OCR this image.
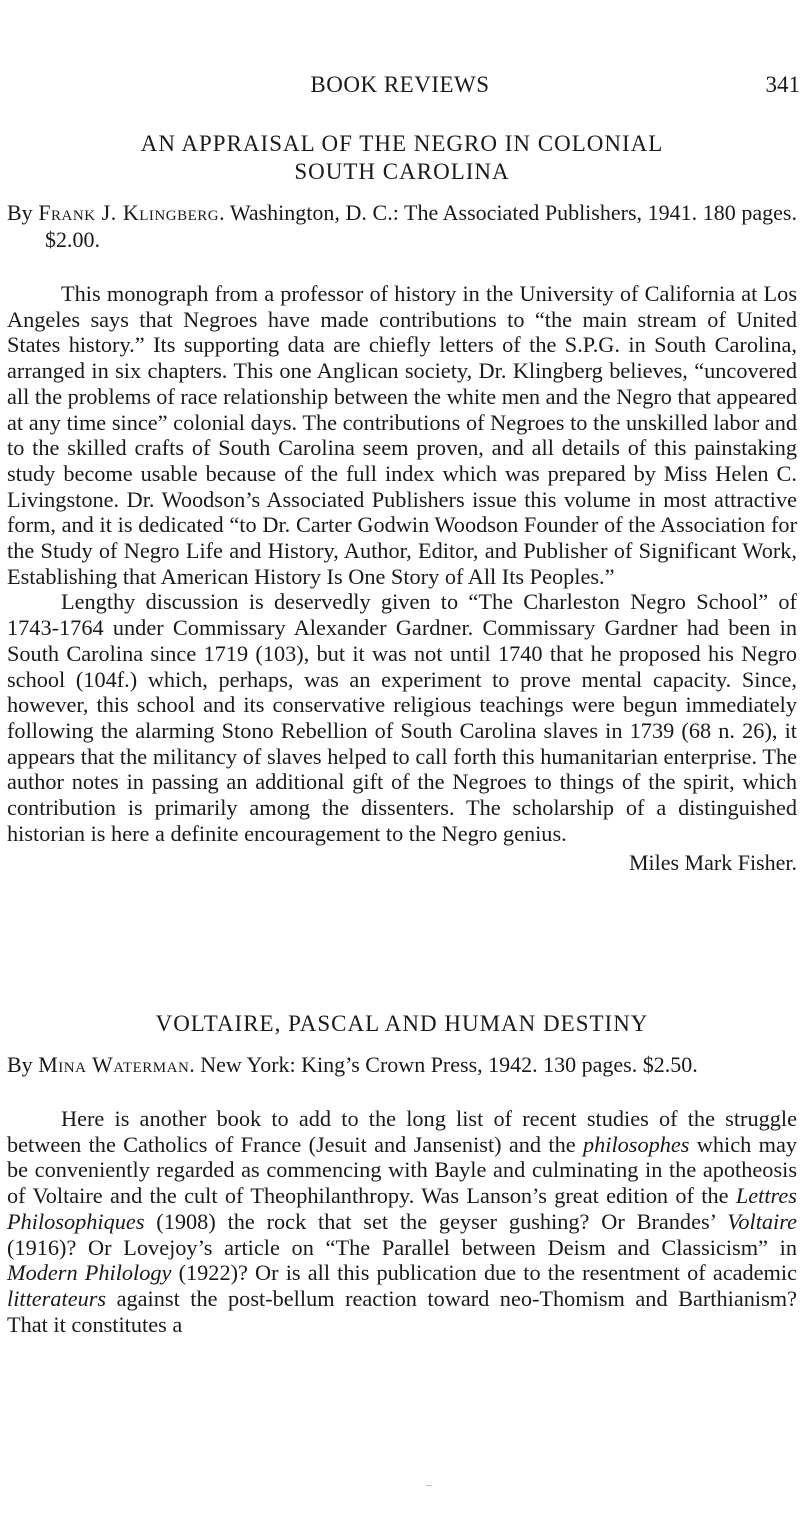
BOOK REVIEWS	341
AN APPRAISAL OF THE NEGRO IN COLONIAL
SOUTH CAROLINA

By Frank J. Klingberg. Washington, D. C.: The Associated Publishers, 1941. 180 pages. $2.00.

This monograph from a professor of history in the University of California at Los Angeles says that Negroes have made contributions to “the main stream of United States history.” Its supporting data are chiefly letters of the S.P.G. in South Carolina, arranged in six chapters. This one Anglican society, Dr. Klingberg believes, “uncovered all the problems of race relationship between the white men and the Negro that appeared at any time since” colonial days. The contributions of Negroes to the unskilled labor and to the skilled crafts of South Carolina seem proven, and all details of this painstaking study become usable because of the full index which was prepared by Miss Helen C. Livingstone. Dr. Woodson’s Associated Publishers issue this volume in most attractive form, and it is dedicated “to Dr. Carter Godwin Woodson Founder of the Association for the Study of Negro Life and History, Author, Editor, and Publisher of Significant Work, Establishing that American History Is One Story of All Its Peoples.”

Lengthy discussion is deservedly given to “The Charleston Negro School” of 1743-1764 under Commissary Alexander Gardner. Commissary Gardner had been in South Carolina since 1719 (103), but it was not until 1740 that he proposed his Negro school (104f.) which, perhaps, was an experiment to prove mental capacity. Since, however, this school and its conservative religious teachings were begun immediately following the alarming Stono Rebellion of South Carolina slaves in 1739 (68 n. 26), it appears that the militancy of slaves helped to call forth this humanitarian enterprise. The author notes in passing an additional gift of the Negroes to things of the spirit, which contribution is primarily among the dissenters. The scholarship of a distinguished historian is here a definite encouragement to the Negro genius.

Miles Mark Fisher.

VOLTAIRE, PASCAL AND HUMAN DESTINY

By Mina Waterman. New York: King’s Crown Press, 1942. 130 pages. $2.50.

Here is another book to add to the long list of recent studies of the struggle between the Catholics of France (Jesuit and Jansenist) and the philosophes which may be conveniently regarded as commencing with Bayle and culminating in the apotheosis of Voltaire and the cult of Theophilanthropy. Was Lanson’s great edition of the Lettres Philosophiques (1908) the rock that set the geyser gushing? Or Brandes’ Voltaire (1916)? Or Lovejoy’s article on “The Parallel between Deism and Classicism” in Modern Philology (1922)? Or is all this publication due to the resentment of academic litterateurs against the post-bellum reaction toward neo-Thomism and Barthianism? That it constitutes a
